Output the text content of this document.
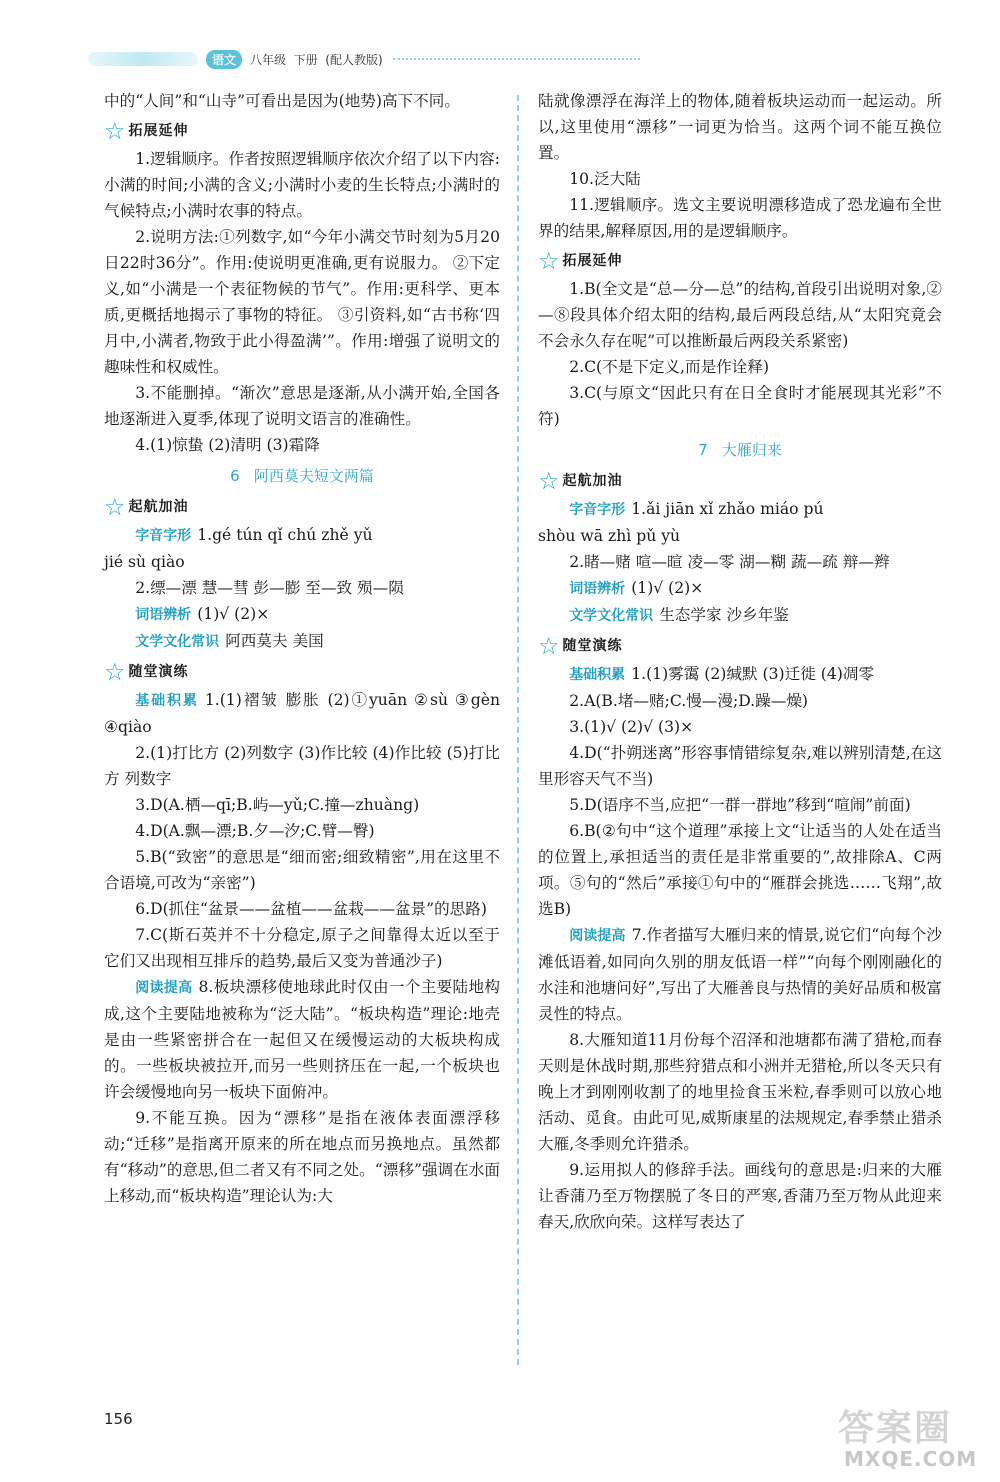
语文	八年级  下册  (配人教版)

中的“人间”和“山寺”可看出是因为(地势)高下不同。

☆ 拓展延伸

1.逻辑顺序。作者按照逻辑顺序依次介绍了以下内容:小满的时间;小满的含义;小满时小麦的生长特点;小满时的气候特点;小满时农事的特点。

2.说明方法:①列数字,如“今年小满交节时刻为5月20日22时36分”。作用:使说明更准确,更有说服力。 ②下定义,如“小满是一个表征物候的节气”。作用:更科学、更本质,更概括地揭示了事物的特征。 ③引资料,如“古书称‘四月中,小满者,物致于此小得盈满’”。作用:增强了说明文的趣味性和权威性。

3.不能删掉。“渐次”意思是逐渐,从小满开始,全国各地逐渐进入夏季,体现了说明文语言的准确性。

4.(1)惊蛰 (2)清明 (3)霜降

6   阿西莫夫短文两篇

☆ 起航加油

字音字形 1.gé tún qǐ chú zhě yǔ

jié sù qiào

2.缥—漂 慧—彗 彭—膨 至—致 殒—陨

词语辨析 (1)√ (2)×

文学文化常识 阿西莫夫 美国

☆ 随堂演练

基础积累 1.(1)褶皱 膨胀 (2)①yuān ②sù ③gèn ④qiào

2.(1)打比方 (2)列数字 (3)作比较 (4)作比较 (5)打比方 列数字

3.D(A.栖—qī;B.屿—yǔ;C.撞—zhuàng)

4.D(A.飘—漂;B.夕—汐;C.臂—臀)

5.B(“致密”的意思是“细而密;细致精密”,用在这里不合语境,可改为“亲密”)

6.D(抓住“盆景——盆植——盆栽——盆景”的思路)

7.C(斯石英并不十分稳定,原子之间靠得太近以至于它们又出现相互排斥的趋势,最后又变为普通沙子)

阅读提高 8.板块漂移使地球此时仅由一个主要陆地构成,这个主要陆地被称为“泛大陆”。“板块构造”理论:地壳是由一些紧密拼合在一起但又在缓慢运动的大板块构成的。一些板块被拉开,而另一些则挤压在一起,一个板块也许会缓慢地向另一板块下面俯冲。

9.不能互换。因为“漂移”是指在液体表面漂浮移动;“迁移”是指离开原来的所在地点而另换地点。虽然都有“移动”的意思,但二者又有不同之处。“漂移”强调在水面上移动,而“板块构造”理论认为:大

陆就像漂浮在海洋上的物体,随着板块运动而一起运动。所以,这里使用“漂移”一词更为恰当。这两个词不能互换位置。

10.泛大陆

11.逻辑顺序。选文主要说明漂移造成了恐龙遍布全世界的结果,解释原因,用的是逻辑顺序。

☆ 拓展延伸

1.B(全文是“总—分—总”的结构,首段引出说明对象,②—⑧段具体介绍太阳的结构,最后两段总结,从“太阳究竟会不会永久存在呢”可以推断最后两段关系紧密)

2.C(不是下定义,而是作诠释)

3.C(与原文“因此只有在日全食时才能展现其光彩”不符)

7   大雁归来

☆ 起航加油

字音字形 1.ǎi jiān xǐ zhǎo miáo pú

shòu wā zhì pǔ yù

2.睹—赌 喧—暄 凌—零 湖—糊 蔬—疏 辩—辫

词语辨析 (1)√ (2)×

文学文化常识 生态学家 沙乡年鉴

☆ 随堂演练

基础积累 1.(1)雾霭 (2)缄默 (3)迁徙 (4)凋零

2.A(B.堵—赌;C.慢—漫;D.躁—燥)

3.(1)√ (2)√ (3)×

4.D(“扑朔迷离”形容事情错综复杂,难以辨别清楚,在这里形容天气不当)

5.D(语序不当,应把“一群一群地”移到“喧闹”前面)

6.B(②句中“这个道理”承接上文“让适当的人处在适当的位置上,承担适当的责任是非常重要的”,故排除A、C两项。⑤句的“然后”承接①句中的“雁群会挑选……飞翔”,故选B)

阅读提高 7.作者描写大雁归来的情景,说它们“向每个沙滩低语着,如同向久别的朋友低语一样”“向每个刚刚融化的水洼和池塘问好”,写出了大雁善良与热情的美好品质和极富灵性的特点。

8.大雁知道11月份每个沼泽和池塘都布满了猎枪,而春天则是休战时期,那些狩猎点和小洲并无猎枪,所以冬天只有晚上才到刚刚收割了的地里捡食玉米粒,春季则可以放心地活动、觅食。由此可见,威斯康星的法规规定,春季禁止猎杀大雁,冬季则允许猎杀。

9.运用拟人的修辞手法。画线句的意思是:归来的大雁让香蒲乃至万物摆脱了冬日的严寒,香蒲乃至万物从此迎来春天,欣欣向荣。这样写表达了

156	答案圈
MXQE.COM
